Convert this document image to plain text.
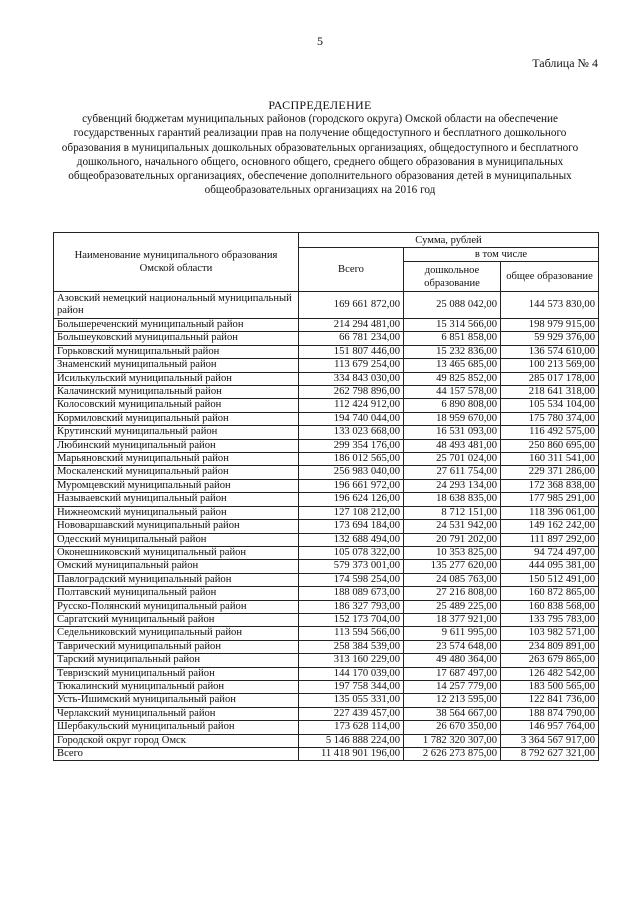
5
Таблица № 4
РАСПРЕДЕЛЕНИЕ
субвенций бюджетам муниципальных районов (городского округа) Омской области на обеспечение государственных гарантий реализации прав на получение общедоступного и бесплатного дошкольного образования в муниципальных дошкольных образовательных организациях, общедоступного и бесплатного дошкольного, начального общего, основного общего, среднего общего образования в муниципальных общеобразовательных организациях, обеспечение дополнительного образования детей в муниципальных общеобразовательных организациях на 2016 год
Наименование муниципального образования Омской области	Сумма, рублей		
	Всего	в том числе	
		дошкольное образование	общее образование
Азовский немецкий национальный муниципальный район	169 661 872,00	25 088 042,00	144 573 830,00
Большереченский муниципальный район	214 294 481,00	15 314 566,00	198 979 915,00
Большеуковский муниципальный район	66 781 234,00	6 851 858,00	59 929 376,00
Горьковский муниципальный район	151 807 446,00	15 232 836,00	136 574 610,00
Знаменский муниципальный район	113 679 254,00	13 465 685,00	100 213 569,00
Исилькульский муниципальный район	334 843 030,00	49 825 852,00	285 017 178,00
Калачинский муниципальный район	262 798 896,00	44 157 578,00	218 641 318,00
Колосовский муниципальный район	112 424 912,00	6 890 808,00	105 534 104,00
Кормиловский муниципальный район	194 740 044,00	18 959 670,00	175 780 374,00
Крутинский муниципальный район	133 023 668,00	16 531 093,00	116 492 575,00
Любинский муниципальный район	299 354 176,00	48 493 481,00	250 860 695,00
Марьяновский муниципальный район	186 012 565,00	25 701 024,00	160 311 541,00
Москаленский муниципальный район	256 983 040,00	27 611 754,00	229 371 286,00
Муромцевский муниципальный район	196 661 972,00	24 293 134,00	172 368 838,00
Называевский муниципальный район	196 624 126,00	18 638 835,00	177 985 291,00
Нижнеомский муниципальный район	127 108 212,00	8 712 151,00	118 396 061,00
Нововаршавский муниципальный район	173 694 184,00	24 531 942,00	149 162 242,00
Одесский муниципальный район	132 688 494,00	20 791 202,00	111 897 292,00
Оконешниковский муниципальный район	105 078 322,00	10 353 825,00	94 724 497,00
Омский муниципальный район	579 373 001,00	135 277 620,00	444 095 381,00
Павлоградский муниципальный район	174 598 254,00	24 085 763,00	150 512 491,00
Полтавский муниципальный район	188 089 673,00	27 216 808,00	160 872 865,00
Русско-Полянский муниципальный район	186 327 793,00	25 489 225,00	160 838 568,00
Саргатский муниципальный район	152 173 704,00	18 377 921,00	133 795 783,00
Седельниковский муниципальный район	113 594 566,00	9 611 995,00	103 982 571,00
Таврический муниципальный район	258 384 539,00	23 574 648,00	234 809 891,00
Тарский муниципальный район	313 160 229,00	49 480 364,00	263 679 865,00
Тевризский муниципальный район	144 170 039,00	17 687 497,00	126 482 542,00
Тюкалинский муниципальный район	197 758 344,00	14 257 779,00	183 500 565,00
Усть-Ишимский муниципальный район	135 055 331,00	12 213 595,00	122 841 736,00
Черлакский муниципальный район	227 439 457,00	38 564 667,00	188 874 790,00
Шербакульский муниципальный район	173 628 114,00	26 670 350,00	146 957 764,00
Городской округ город Омск	5 146 888 224,00	1 782 320 307,00	3 364 567 917,00
Всего	11 418 901 196,00	2 626 273 875,00	8 792 627 321,00
